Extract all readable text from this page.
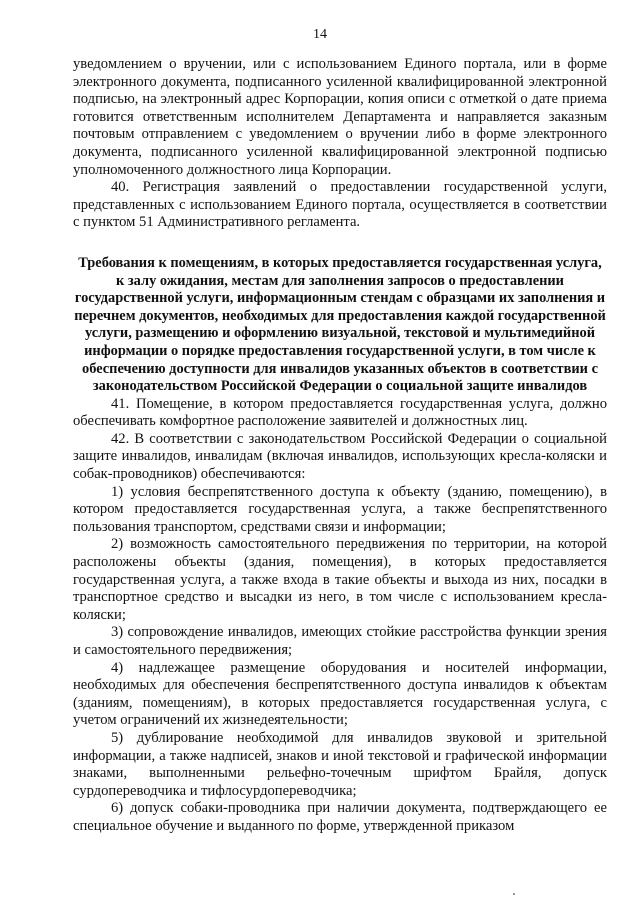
14

уведомлением о вручении, или с использованием Единого портала, или в форме электронного документа, подписанного усиленной квалифицированной электронной подписью, на электронный адрес Корпорации, копия описи с отметкой о дате приема готовится ответственным исполнителем Департамента и направляется заказным почтовым отправлением с уведомлением о вручении либо в форме электронного документа, подписанного усиленной квалифицированной электронной подписью уполномоченного должностного лица Корпорации.

40. Регистрация заявлений о предоставлении государственной услуги, представленных с использованием Единого портала, осуществляется в соответствии с пунктом 51 Административного регламента.

Требования к помещениям, в которых предоставляется государственная услуга, к залу ожидания, местам для заполнения запросов о предоставлении государственной услуги, информационным стендам с образцами их заполнения и перечнем документов, необходимых для предоставления каждой государственной услуги, размещению и оформлению визуальной, текстовой и мультимедийной информации о порядке предоставления государственной услуги, в том числе к обеспечению доступности для инвалидов указанных объектов в соответствии с законодательством Российской Федерации о социальной защите инвалидов

41. Помещение, в котором предоставляется государственная услуга, должно обеспечивать комфортное расположение заявителей и должностных лиц.

42. В соответствии с законодательством Российской Федерации о социальной защите инвалидов, инвалидам (включая инвалидов, использующих кресла-коляски и собак-проводников) обеспечиваются:

1) условия беспрепятственного доступа к объекту (зданию, помещению), в котором предоставляется государственная услуга, а также беспрепятственного пользования транспортом, средствами связи и информации;

2) возможность самостоятельного передвижения по территории, на которой расположены объекты (здания, помещения), в которых предоставляется государственная услуга, а также входа в такие объекты и выхода из них, посадки в транспортное средство и высадки из него, в том числе с использованием кресла-коляски;

3) сопровождение инвалидов, имеющих стойкие расстройства функции зрения и самостоятельного передвижения;

4) надлежащее размещение оборудования и носителей информации, необходимых для обеспечения беспрепятственного доступа инвалидов к объектам (зданиям, помещениям), в которых предоставляется государственная услуга, с учетом ограничений их жизнедеятельности;

5) дублирование необходимой для инвалидов звуковой и зрительной информации, а также надписей, знаков и иной текстовой и графической информации знаками, выполненными рельефно-точечным шрифтом Брайля, допуск сурдопереводчика и тифлосурдопереводчика;

6) допуск собаки-проводника при наличии документа, подтверждающего ее специальное обучение и выданного по форме, утвержденной приказом
